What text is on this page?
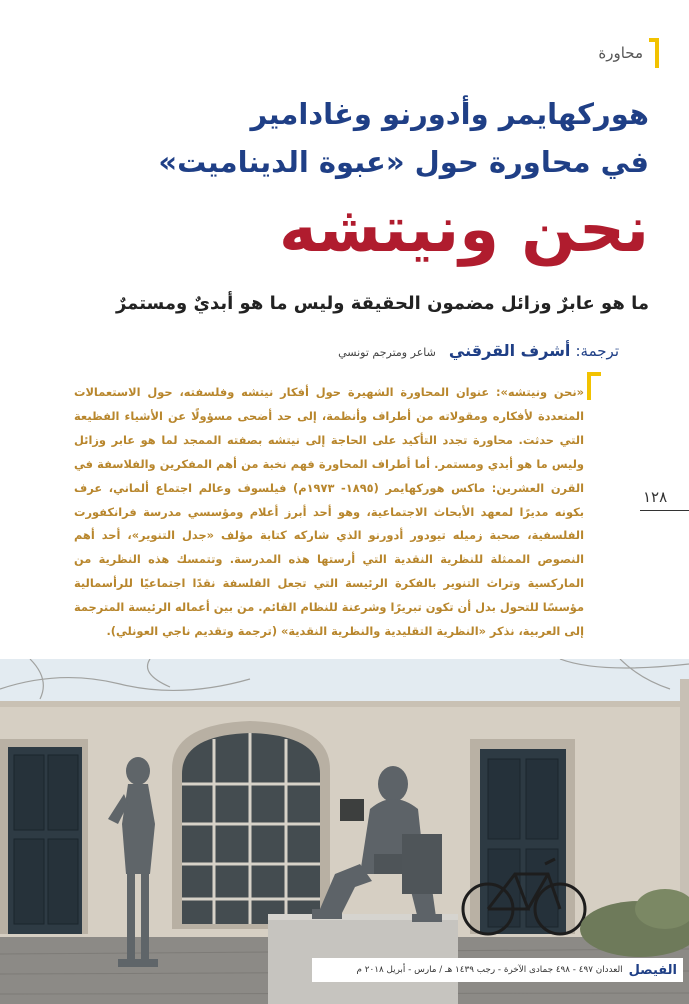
محاورة
هوركهايمر وأدورنو وغادامير
في محاورة حول «عبوة الديناميت»
نحن ونيتشه
ما هو عابرٌ وزائل مضمون الحقيقة وليس ما هو أبديٌ ومستمرٌ
ترجمة: أشرف القرقني شاعر ومترجم تونسي
«نحن ونيتشه»: عنوان المحاورة الشهيرة حول أفكار نيتشه وفلسفته، حول الاستعمالات المتعددة لأفكاره ومقولاته من أطراف وأنظمة، إلى حد أضحى مسؤولًا عن الأشياء الفظيعة التي حدثت. محاورة تجدد التأكيد على الحاجة إلى نيتشه بصفته الممجد لما هو عابر وزائل وليس ما هو أبدي ومستمر. أما أطراف المحاورة فهم نخبة من أهم المفكرين والفلاسفة في القرن العشرين: ماكس هوركهايمر (١٨٩٥- ١٩٧٣م) فيلسوف وعالم اجتماع ألماني، عرف بكونه مديرًا لمعهد الأبحاث الاجتماعية، وهو أحد أبرز أعلام ومؤسسي مدرسة فرانكفورت الفلسفية، صحبة زميله تيودور أدورنو الذي شاركه كتابة مؤلف «جدل التنوير»، أحد أهم النصوص الممثلة للنظرية النقدية التي أرستها هذه المدرسة. وتتمسك هذه النظرية من الماركسية وتراث التنوير بالفكرة الرئيسة التي تجعل الفلسفة نقدًا اجتماعيًا للرأسمالية مؤسسًا للتحول بدل أن تكون تبريرًا وشرعنة للنظام القائم. من بين أعماله الرئيسة المترجمة إلى العربية، نذكر «النظرية التقليدية والنظرية النقدية» (ترجمة وتقديم ناجي العونلي).
١٢٨
الفيصل
العددان ٤٩٧ - ٤٩٨ جمادى الآخرة - رجب ١٤٣٩ هـ / مارس - أبريل ٢٠١٨ م
